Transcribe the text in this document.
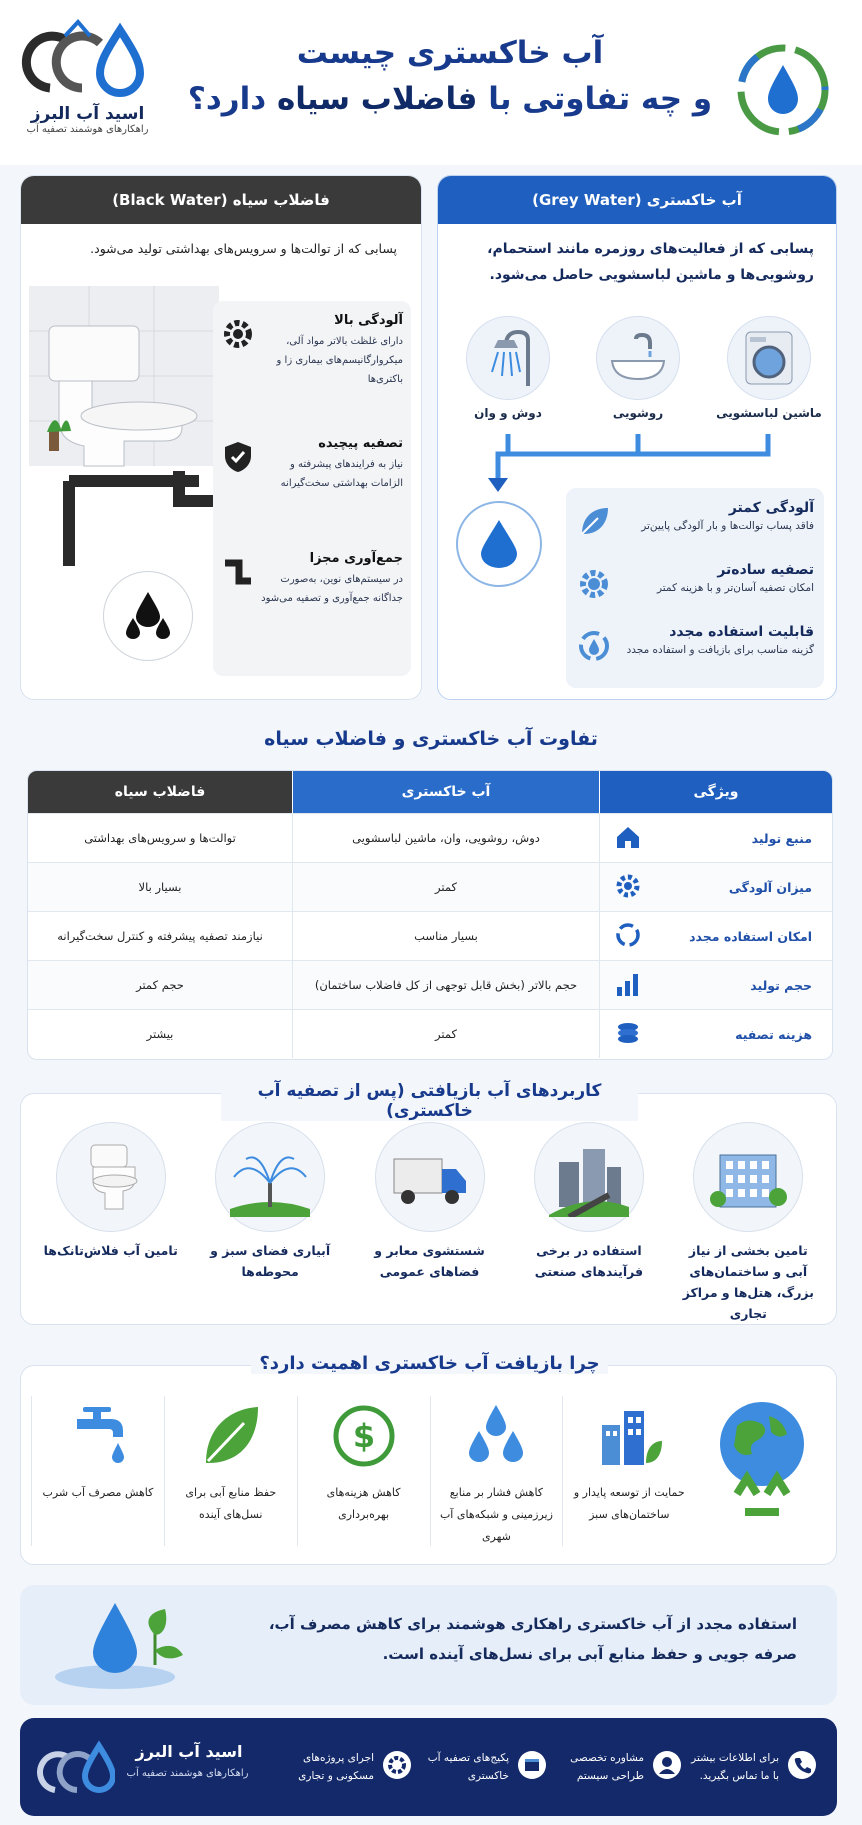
آب خاکستری چیست
و چه تفاوتی با فاضلاب سیاه دارد؟
اسید آب البرز
راهکارهای هوشمند تصفیه آب
آب خاکستری (Grey Water)
پسابی که از فعالیت‌های روزمره مانند استحمام، روشویی‌ها و ماشین لباسشویی حاصل می‌شود.
ماشین لباسشویی
روشویی
دوش و وان
آلودگی کمتر
فاقد پساب توالت‌ها و بار آلودگی پایین‌تر
تصفیه ساده‌تر
امکان تصفیه آسان‌تر و با هزینه کمتر
قابلیت استفاده مجدد
گزینه مناسب برای بازیافت و استفاده مجدد
فاضلاب سیاه (Black Water)
پسابی که از توالت‌ها و سرویس‌های بهداشتی تولید می‌شود.
آلودگی بالا
دارای غلظت بالاتر مواد آلی، میکروارگانیسم‌های بیماری زا و باکتری‌ها
تصفیه پیچیده
نیاز به فرایندهای پیشرفته و الزامات بهداشتی سخت‌گیرانه
جمع‌آوری مجزا
در سیستم‌های نوین، به‌صورت جداگانه جمع‌آوری و تصفیه می‌شود
تفاوت آب خاکستری و فاضلاب سیاه
ویژگی
آب خاکستری
فاضلاب سیاه
منبع تولید
دوش، روشویی، وان، ماشین لباسشویی
توالت‌ها و سرویس‌های بهداشتی
میزان آلودگی
کمتر
بسیار بالا
امکان استفاده مجدد
بسیار مناسب
نیازمند تصفیه پیشرفته و کنترل سخت‌گیرانه
حجم تولید
حجم بالاتر (بخش قابل توجهی از کل فاضلاب ساختمان)
حجم کمتر
هزینه تصفیه
کمتر
بیشتر
کاربردهای آب بازیافتی (پس از تصفیه آب خاکستری)
تامین بخشی از نیاز آبی و ساختمان‌های بزرگ، هتل‌ها و مراکز تجاری
استفاده در برخی فرآیندهای صنعتی
شستشوی معابر و فضاهای عمومی
آبیاری فضای سبز و محوطه‌ها
تامین آب فلاش‌تانک‌ها
چرا بازیافت آب خاکستری اهمیت دارد؟
حمایت از توسعه پایدار و ساختمان‌های سبز
کاهش فشار بر منابع زیرزمینی و شبکه‌های آب شهری
$
کاهش هزینه‌های بهره‌برداری
حفظ منابع آبی برای نسل‌های آینده
کاهش مصرف آب شرب
استفاده مجدد از آب خاکستری راهکاری هوشمند برای کاهش مصرف آب، صرفه جویی و حفظ منابع آبی برای نسل‌های آینده است.
برای اطلاعات بیشتر با ما تماس بگیرید.
مشاوره تخصصی طراحی سیستم
پکیج‌های تصفیه آب خاکستری
اجرای پروژه‌های مسکونی و تجاری
اسید آب البرز
راهکارهای هوشمند تصفیه آب
